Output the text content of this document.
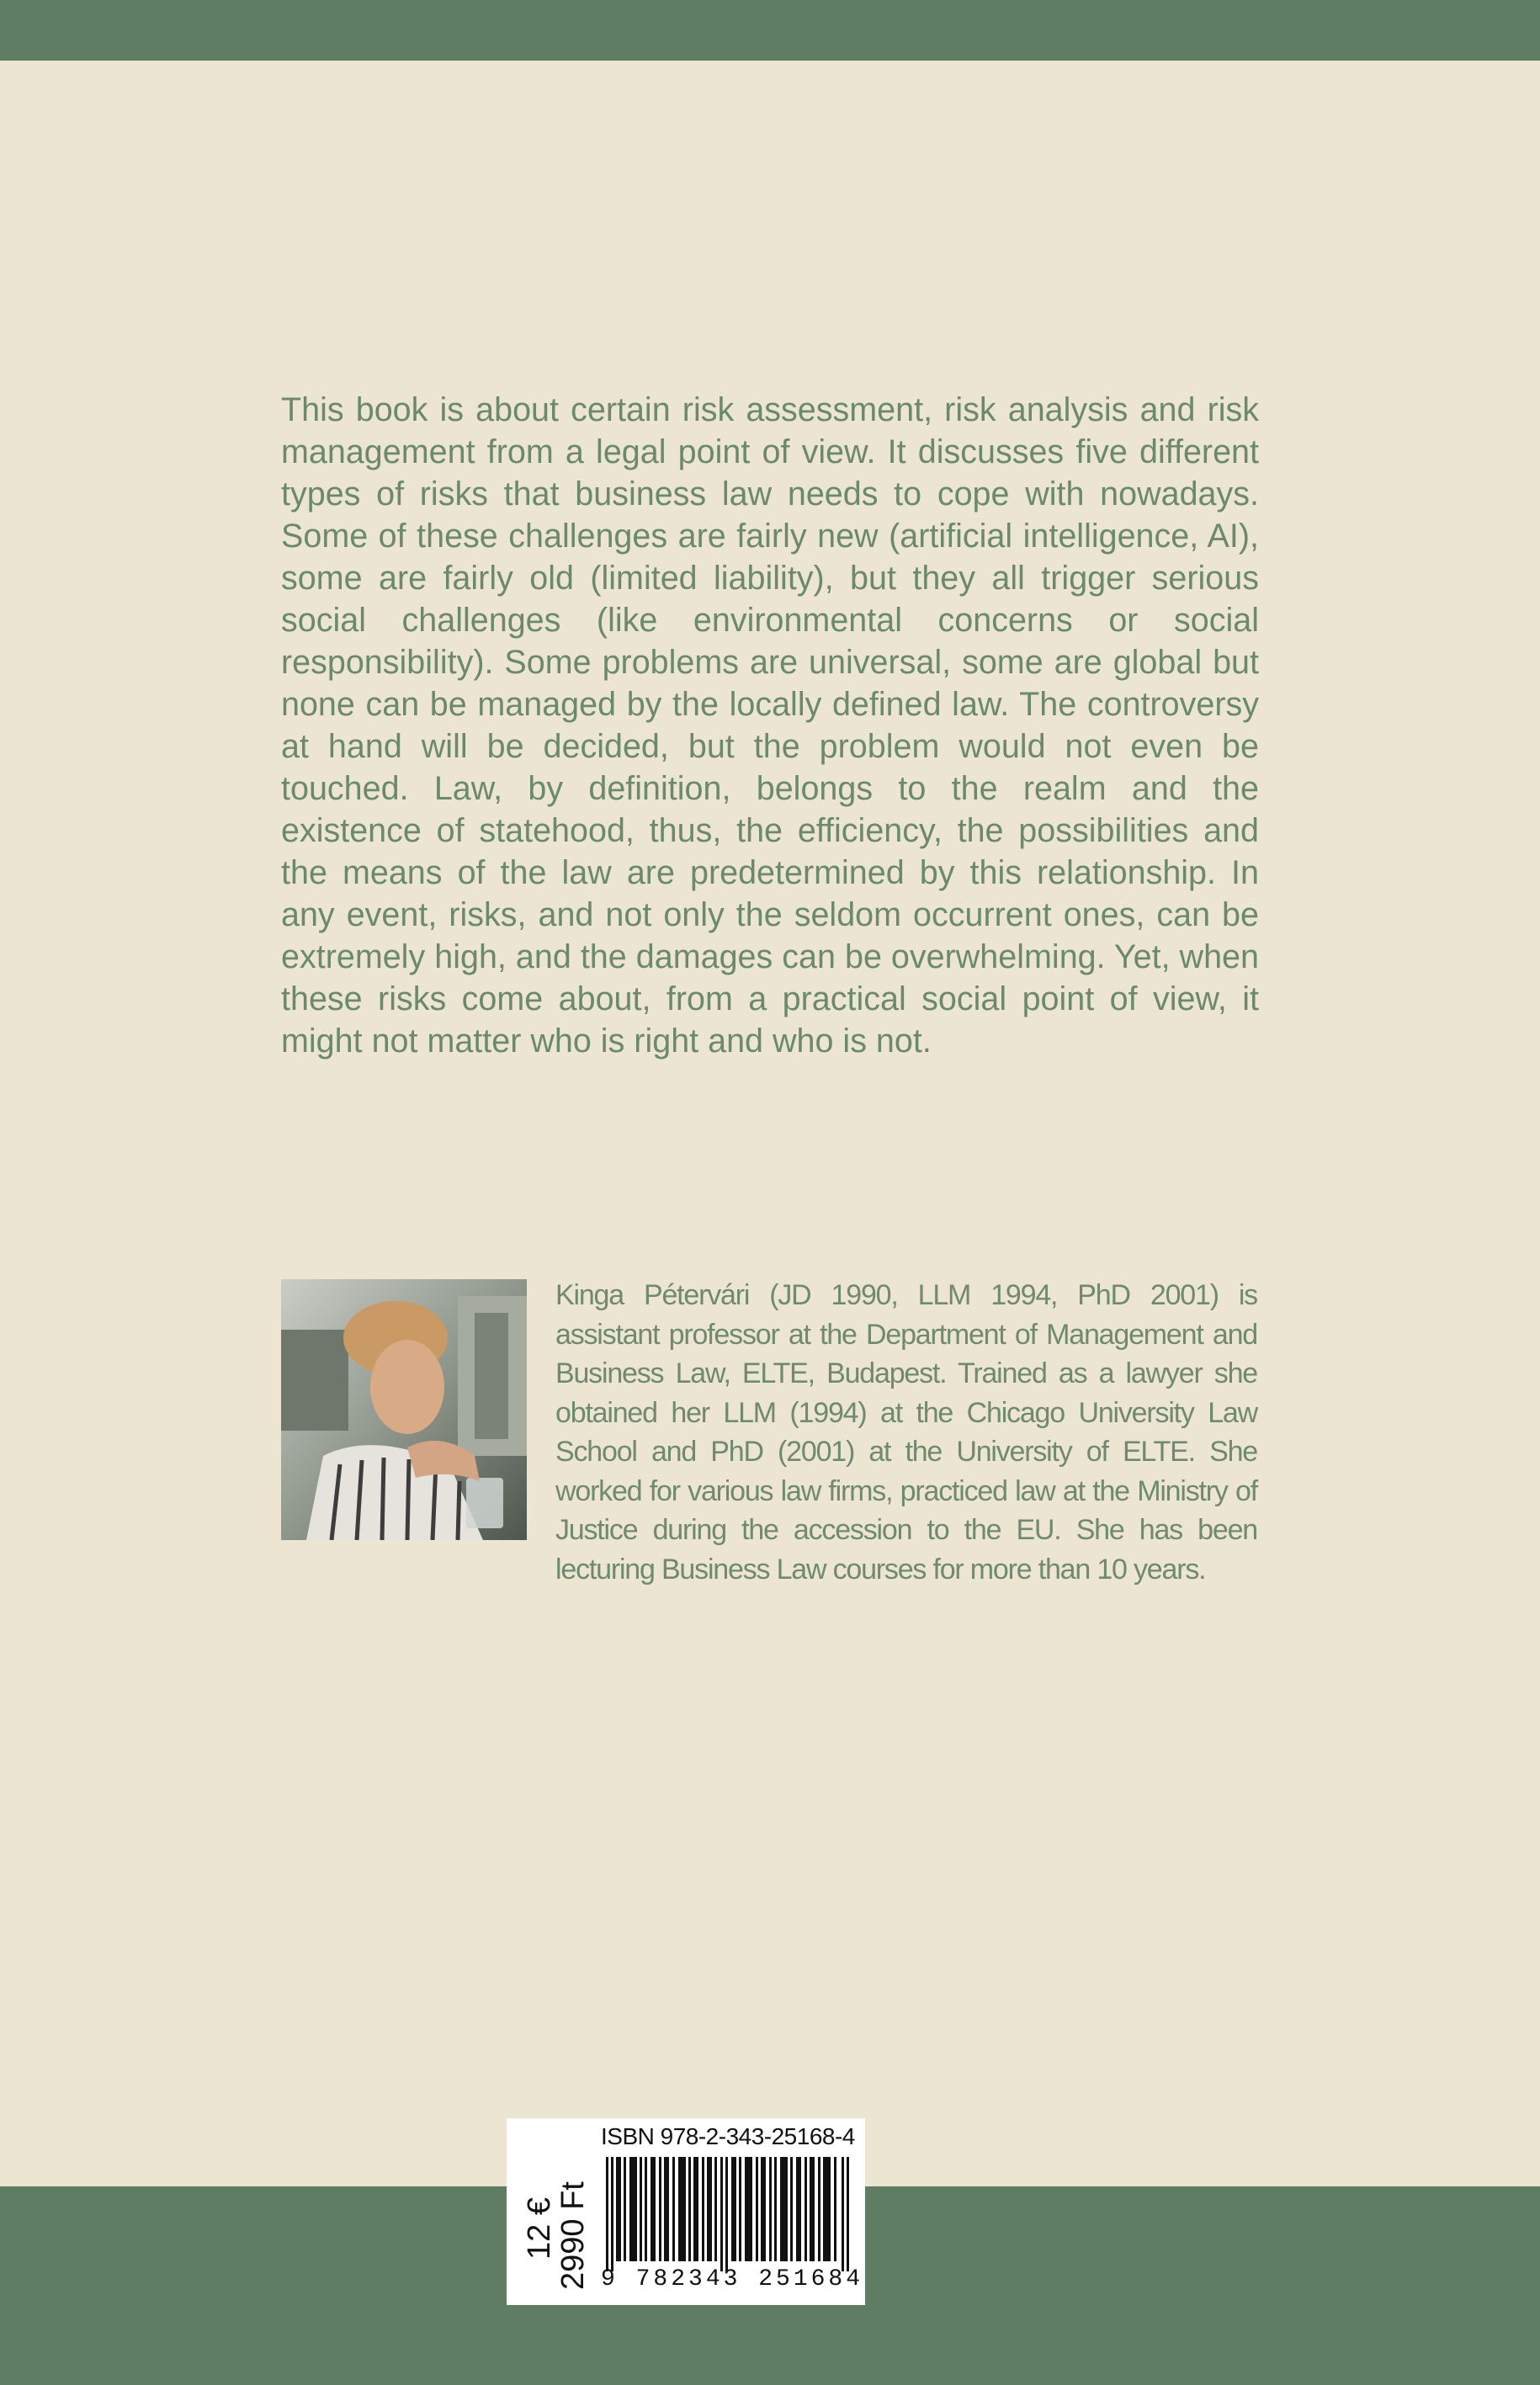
This book is about certain risk assessment, risk analysis and risk management from a legal point of view. It discusses five different types of risks that business law needs to cope with nowadays. Some of these challenges are fairly new (artificial intelligence, AI), some are fairly old (limited liability), but they all trigger serious social challenges (like environmental concerns or social responsibility). Some problems are universal, some are global but none can be managed by the locally defined law. The controversy at hand will be decided, but the problem would not even be touched. Law, by definition, belongs to the realm and the existence of statehood, thus, the efficiency, the possibilities and the means of the law are predetermined by this relationship. In any event, risks, and not only the seldom occurrent ones, can be extremely high, and the damages can be overwhelming. Yet, when these risks come about, from a practical social point of view, it might not matter who is right and who is not.

Kinga Pétervári (JD 1990, LLM 1994, PhD 2001) is assistant professor at the Department of Management and Business Law, ELTE, Budapest. Trained as a lawyer she obtained her LLM (1994) at the Chicago University Law School and PhD (2001) at the University of ELTE. She worked for various law firms, practiced law at the Ministry of Justice during the accession to the EU. She has been lecturing Business Law courses for more than 10 years.

ISBN 978-2-343-25168-4
12 €
2990 Ft 9 782343 251684
